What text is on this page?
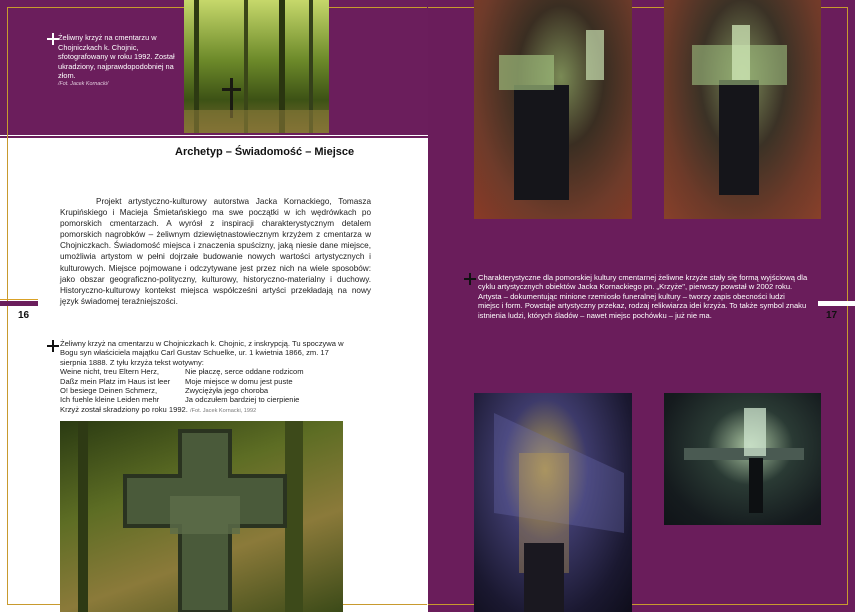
Żeliwny krzyż na cmentarzu w Chojniczkach k. Chojnic, sfotografowany w roku 1992. Został ukradziony, najprawdopodobniej na złom.
/Fot. Jacek Kornacki/
Archetyp – Świadomość – Miejsce

Projekt artystyczno-kulturowy autorstwa Jacka Kornackiego, Tomasza Krupińskiego i Macieja Śmietańskiego ma swe początki w ich wędrówkach po pomorskich cmentarzach. A wyrósł z inspiracji charakterystycznym detalem pomorskich nagrobków – żeliwnym dziewiętnastowiecznym krzyżem z cmentarza w Chojniczkach. Świadomość miejsca i znaczenia spuścizny, jaką niesie dane miejsce, umożliwia artystom w pełni dojrzałe budowanie nowych wartości artystycznych i kulturowych. Miejsce pojmowane i odczytywane jest przez nich na wiele sposobów: jako obszar geograficzno-polityczny, kulturowy, historyczno-materialny i duchowy. Historyczno-kulturowy kontekst miejsca współcześni artyści przekładają na nowy język świadomej teraźniejszości.

16	17
Żeliwny krzyż na cmentarzu w Chojniczkach k. Chojnic, z inskrypcją. Tu spoczywa w Bogu syn właściciela majątku Carl Gustav Schuelke, ur. 1 kwietnia 1866, zm. 17 sierpnia 1888. Z tyłu krzyża tekst wotywny:
Weine nicht, treu Eltern Herz,	Nie płaczę, serce oddane rodzicom
Daßz mein Platz im Haus ist leer	Moje miejsce w domu jest puste
O! besiege Deinen Schmerz,	Zwyciężyła jego choroba
Ich fuehle kleine Leiden mehr	Ja odczułem bardziej to cierpienie
Krzyż został skradziony po roku 1992. /Fot. Jacek Kornacki, 1992
Charakterystyczne dla pomorskiej kultury cmentarnej żeliwne krzyże stały się formą wyjściową dla cyklu artystycznych obiektów Jacka Kornackiego pn. „Krzyże", pierwszy powstał w 2002 roku.
Artysta – dokumentując minione rzemiosło funeralnej kultury – tworzy zapis obecności ludzi miejsc i form. Powstaje artystyczny przekaz, rodzaj relikwiarza idei krzyża. To także symbol znaku istnienia ludzi, których śladów – nawet miejsc pochówku – już nie ma.
